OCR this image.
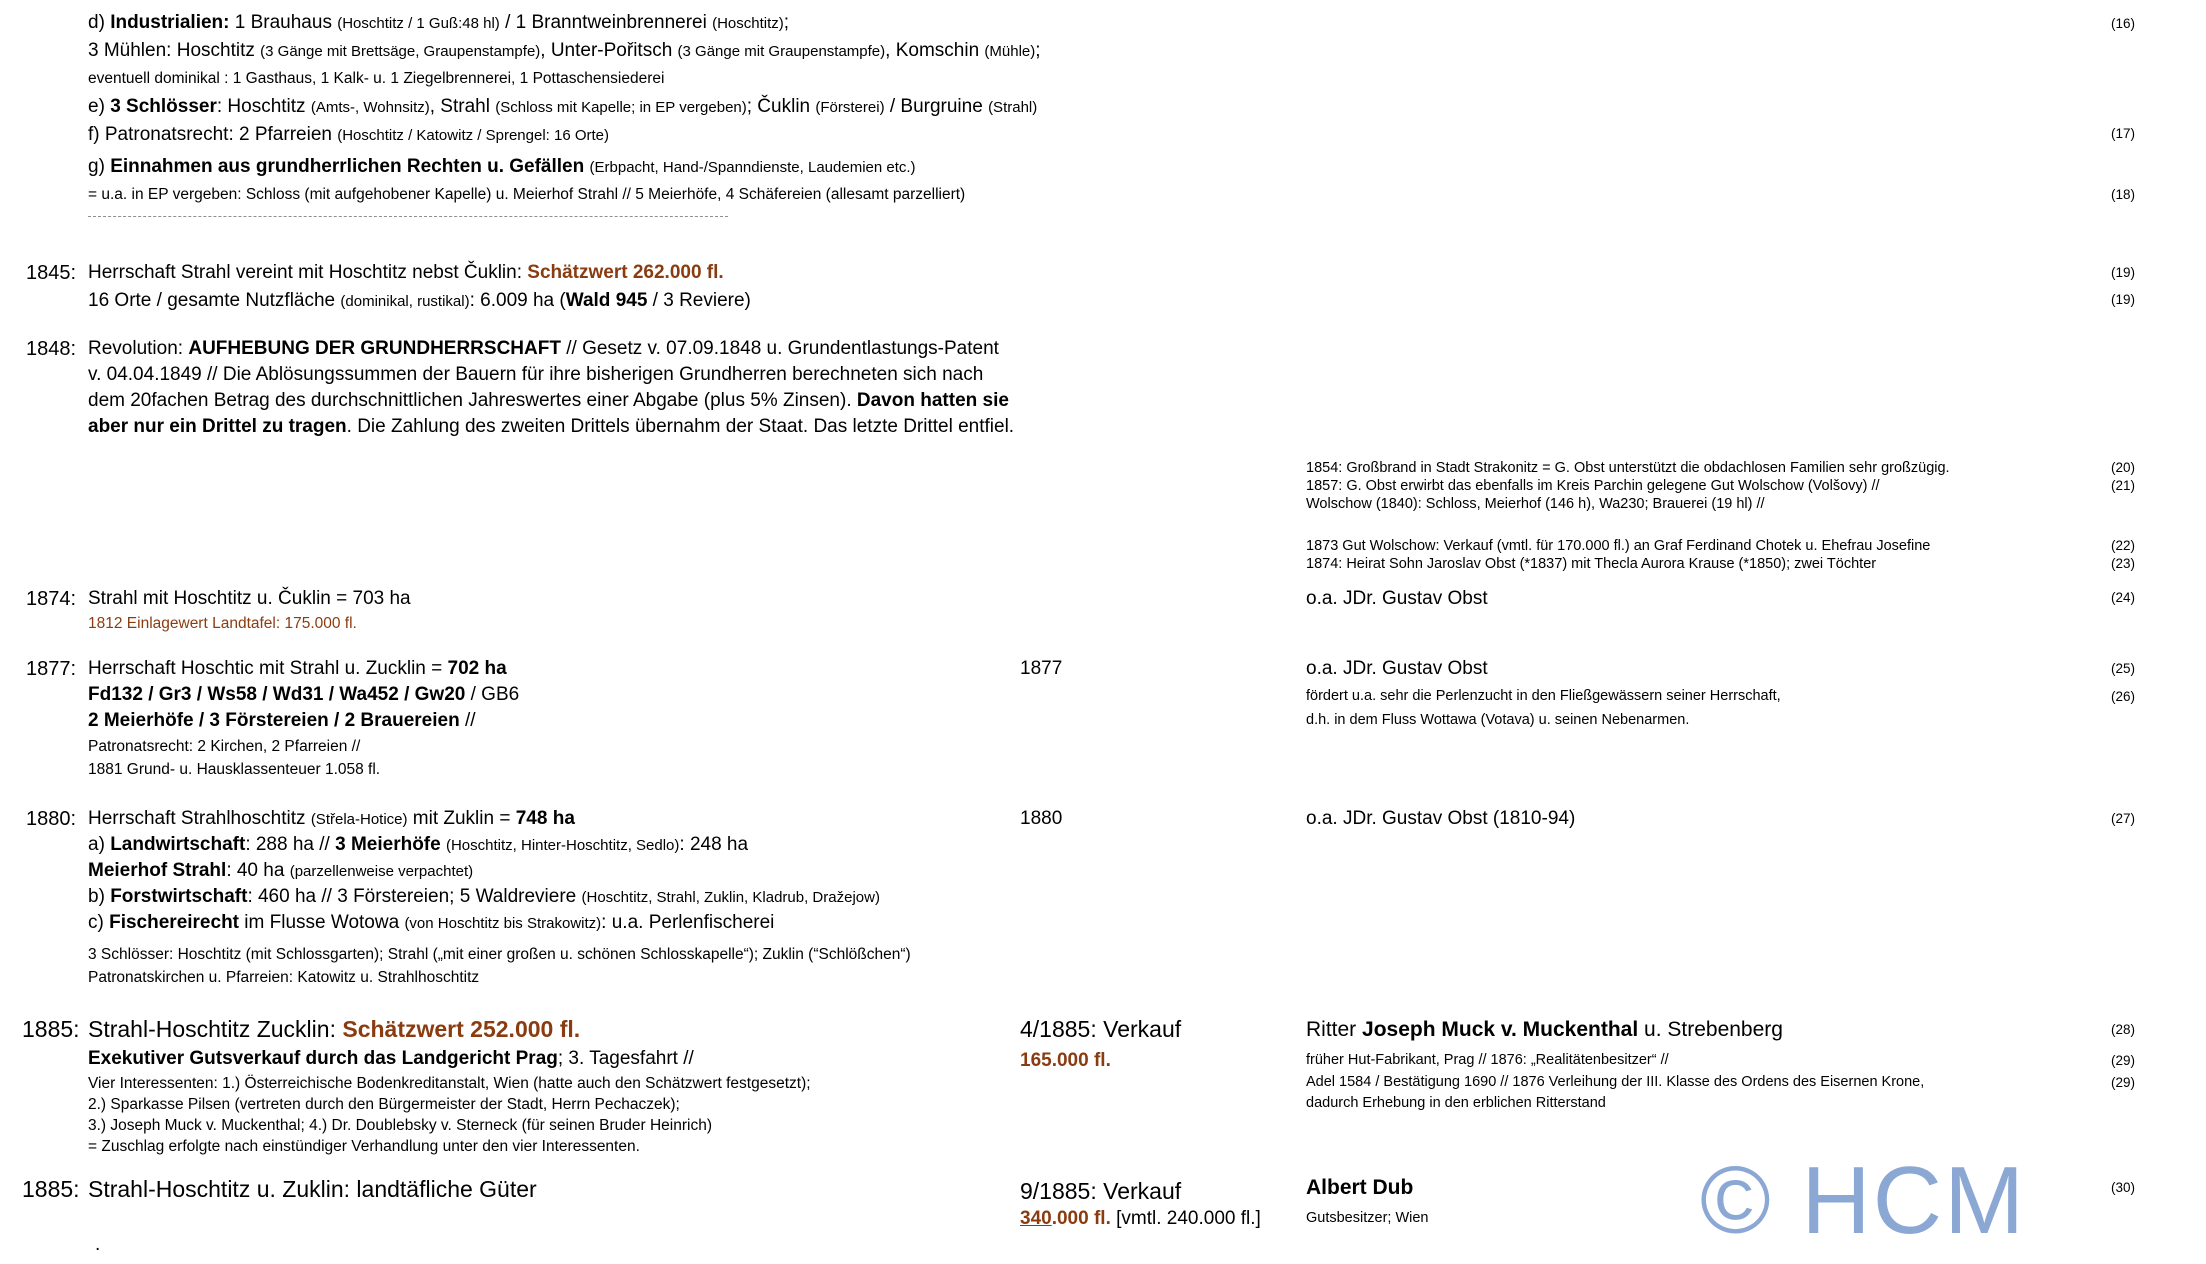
d) Industrialien: 1 Brauhaus (Hoschtitz / 1 Guß:48 hl) / 1 Branntweinbrennerei (Hoschtitz);
3 Mühlen: Hoschtitz (3 Gänge mit Brettsäge, Graupenstampfe), Unter-Pořitsch (3 Gänge mit Graupenstampfe), Komschin (Mühle);
eventuell dominikal : 1 Gasthaus, 1 Kalk- u. 1 Ziegelbrennerei, 1 Pottaschensiederei
e) 3 Schlösser: Hoschtitz (Amts-, Wohnsitz), Strahl (Schloss mit Kapelle; in EP vergeben); Čuklin (Försterei) / Burgruine (Strahl)
f) Patronatsrecht: 2 Pfarreien (Hoschtitz / Katowitz / Sprengel: 16 Orte)
g) Einnahmen aus grundherrlichen Rechten u. Gefällen (Erbpacht, Hand-/Spanndienste, Laudemien etc.)
= u.a. in EP vergeben: Schloss (mit aufgehobener Kapelle) u. Meierhof Strahl // 5 Meierhöfe, 4 Schäfereien (allesamt parzelliert)
1845: Herrschaft Strahl vereint mit Hoschtitz nebst Čuklin: Schätzwert 262.000 fl.
16 Orte / gesamte Nutzfläche (dominikal, rustikal): 6.009 ha (Wald 945 / 3 Reviere)
1848: Revolution: AUFHEBUNG DER GRUNDHERRSCHAFT // Gesetz v. 07.09.1848 u. Grundentlastungs-Patent
v. 04.04.1849 // Die Ablösungssummen der Bauern für ihre bisherigen Grundherren berechneten sich nach
dem 20fachen Betrag des durchschnittlichen Jahreswertes einer Abgabe (plus 5% Zinsen). Davon hatten sie
aber nur ein Drittel zu tragen. Die Zahlung des zweiten Drittels übernahm der Staat. Das letzte Drittel entfiel.
1854: Großbrand in Stadt Strakonitz = G. Obst unterstützt die obdachlosen Familien sehr großzügig.
1857: G. Obst erwirbt das ebenfalls im Kreis Parchin gelegene Gut Wolschow (Volšovy) //
Wolschow (1840): Schloss, Meierhof (146 h), Wa230; Brauerei (19 hl) //
1873 Gut Wolschow: Verkauf (vmtl. für 170.000 fl.) an Graf Ferdinand Chotek u. Ehefrau Josefine
1874: Heirat Sohn Jaroslav Obst (*1837) mit Thecla Aurora Krause (*1850); zwei Töchter
1874: Strahl mit Hoschtitz u. Čuklin = 703 ha
1812 Einlagewert Landtafel: 175.000 fl.
o.a. JDr. Gustav Obst
1877: Herrschaft Hoschtic mit Strahl u. Zucklin = 702 ha
Fd132 / Gr3 / Ws58 / Wd31 / Wa452 / Gw20 / GB6
2 Meierhöfe / 3 Förstereien / 2 Brauereien //
Patronatsrecht: 2 Kirchen, 2 Pfarreien //
1881 Grund- u. Hausklassenteuer 1.058 fl.
1877	o.a. JDr. Gustav Obst
fördert u.a. sehr die Perlenzucht in den Fließgewässern seiner Herrschaft,
d.h. in dem Fluss Wottawa (Votava) u. seinen Nebenarmen.
1880: Herrschaft Strahlhoschtitz (Střela-Hotice) mit Zuklin = 748 ha
a) Landwirtschaft: 288 ha // 3 Meierhöfe (Hoschtitz, Hinter-Hoschtitz, Sedlo): 248 ha
Meierhof Strahl: 40 ha (parzellenweise verpachtet)
b) Forstwirtschaft: 460 ha // 3 Förstereien; 5 Waldreviere (Hoschtitz, Strahl, Zuklin, Kladrub, Dražejow)
c) Fischereirecht im Flusse Wotowa (von Hoschtitz bis Strakowitz): u.a. Perlenfischerei
3 Schlösser: Hoschtitz (mit Schlossgarten); Strahl („mit einer großen u. schönen Schlosskapelle“); Zuklin (“Schlößchen“)
Patronatskirchen u. Pfarreien: Katowitz u. Strahlhoschtitz
1880	o.a. JDr. Gustav Obst (1810-94)
1885: Strahl-Hoschtitz Zucklin: Schätzwert 252.000 fl.
Exekutiver Gutsverkauf durch das Landgericht Prag; 3. Tagesfahrt //
Vier Interessenten: 1.) Österreichische Bodenkreditanstalt, Wien (hatte auch den Schätzwert festgesetzt);
2.) Sparkasse Pilsen (vertreten durch den Bürgermeister der Stadt, Herrn Pechaczek);
3.) Joseph Muck v. Muckenthal; 4.) Dr. Doublebsky v. Sterneck (für seinen Bruder Heinrich)
= Zuschlag erfolgte nach einstündiger Verhandlung unter den vier Interessenten.
4/1885: Verkauf
165.000 fl.
Ritter Joseph Muck v. Muckenthal u. Strebenberg
früher Hut-Fabrikant, Prag // 1876: „Realitätenbesitzer“ //
Adel 1584 / Bestätigung 1690 // 1876 Verleihung der III. Klasse des Ordens des Eisernen Krone,
dadurch Erhebung in den erblichen Ritterstand
1885: Strahl-Hoschtitz u. Zuklin: landtäfliche Güter
.
9/1885: Verkauf
340.000 fl. [vmtl. 240.000 fl.]
Albert Dub
Gutsbesitzer; Wien
(16)
(17)
(18)
(19)
(19)
(20)
(21)
(22)
(23)
(24)
(25)
(26)
(27)
(28)
(29)
(29)
(30)
© HCM
